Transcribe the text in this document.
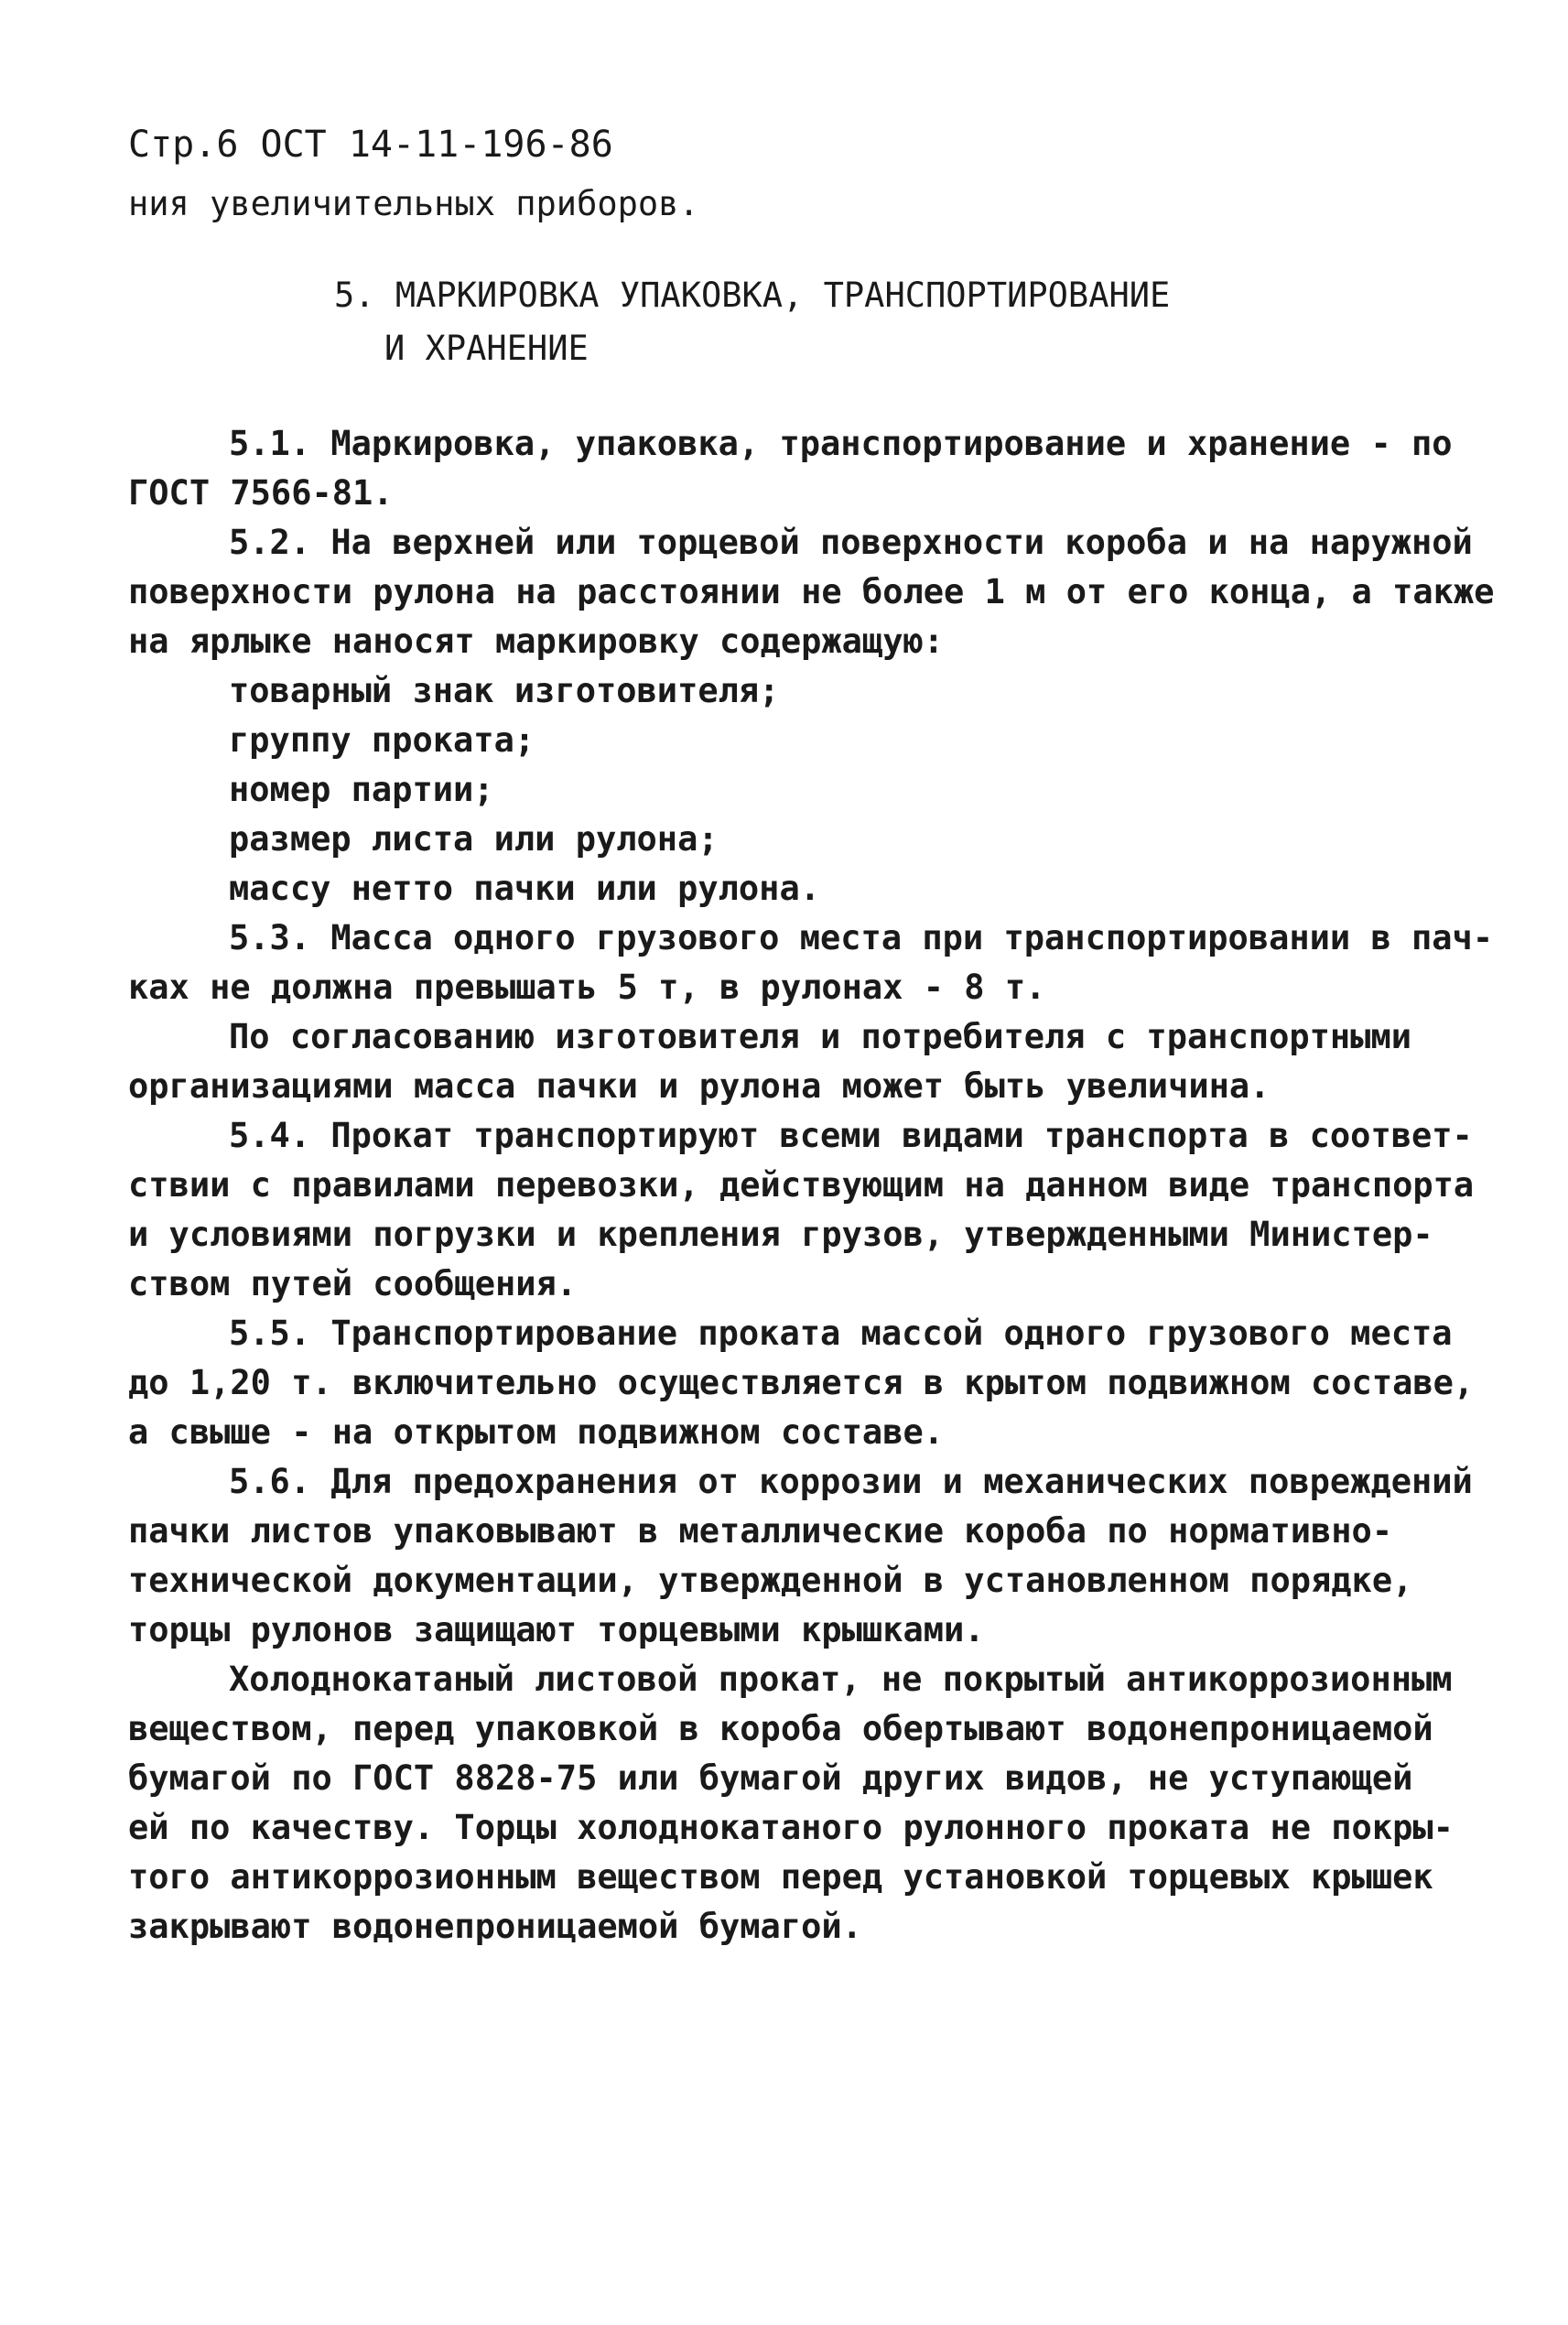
Стр.6 ОСТ 14-11-196-86
ния увеличительных приборов.
5. МАРКИРОВКА УПАКОВКА, ТРАНСПОРТИРОВАНИЕ
И ХРАНЕНИЕ
5.1. Маркировка, упаковка, транспортирование и хранение - по
ГОСТ 7566-81.
5.2. На верхней или торцевой поверхности короба и на наружной
поверхности рулона на расстоянии не более 1 м от его конца, а также
на ярлыке наносят маркировку содержащую:
товарный знак изготовителя;
группу проката;
номер партии;
размер листа или рулона;
массу нетто пачки или рулона.
5.3. Масса одного грузового места при транспортировании в пач-
ках не должна превышать 5 т, в рулонах - 8 т.
По согласованию изготовителя и потребителя с транспортными
организациями масса пачки и рулона может быть увеличина.
5.4. Прокат транспортируют всеми видами транспорта в соответ-
ствии с правилами перевозки, действующим на данном виде транспорта
и условиями погрузки и крепления грузов, утвержденными Министер-
ством путей сообщения.
5.5. Транспортирование проката массой одного грузового места
до 1,20 т. включительно осуществляется в крытом подвижном составе,
а свыше - на открытом подвижном составе.
5.6. Для предохранения от коррозии и механических повреждений
пачки листов упаковывают в металлические короба по нормативно-
технической документации, утвержденной в установленном порядке,
торцы рулонов защищают торцевыми крышками.
Холоднокатаный листовой прокат, не покрытый антикоррозионным
веществом, перед упаковкой в короба обертывают водонепроницаемой
бумагой по ГОСТ 8828-75 или бумагой других видов, не уступающей
ей по качеству. Торцы холоднокатаного рулонного проката не покры-
того антикоррозионным веществом перед установкой торцевых крышек
закрывают водонепроницаемой бумагой.
